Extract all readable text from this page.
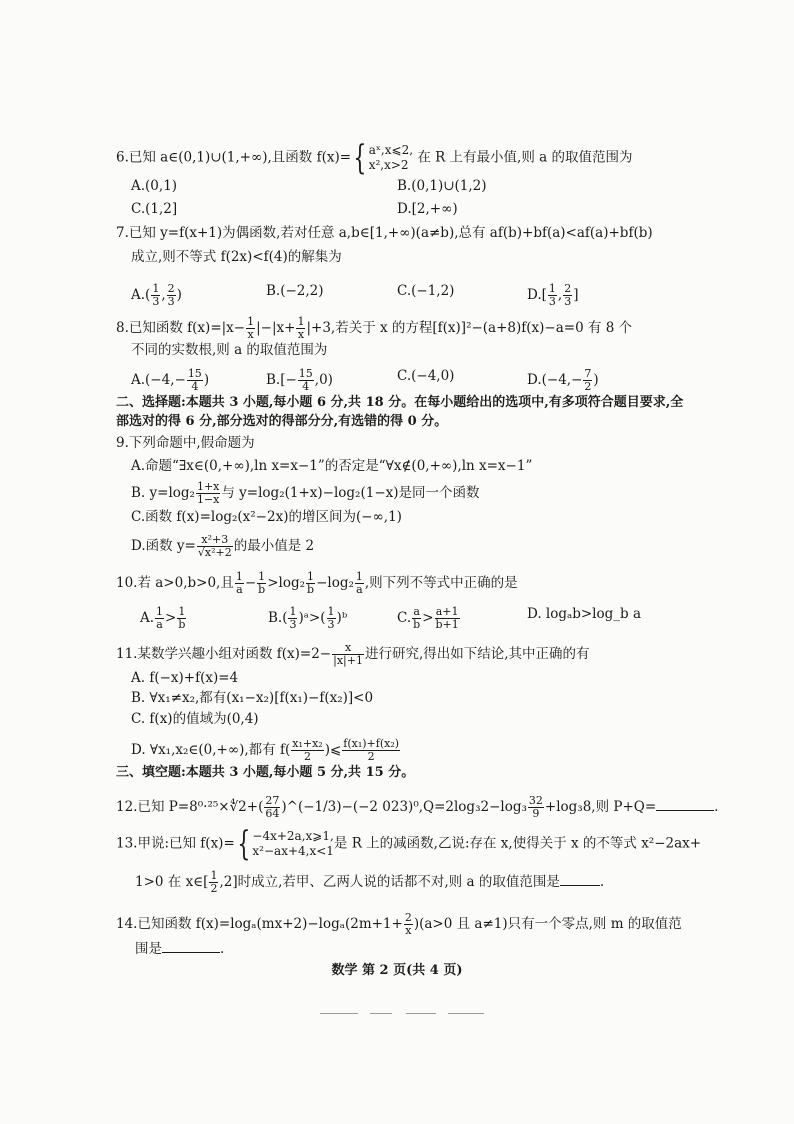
6.已知 a∈(0,1)∪(1,+∞),且函数 f(x)={ aˣ,x⩽2,
x²,x>2 在 R 上有最小值,则 a 的取值范围为
A.(0,1)	B.(0,1)∪(1,2)
C.(1,2]	D.[2,+∞)
7.已知 y=f(x+1)为偶函数,若对任意 a,b∈[1,+∞)(a≠b),总有 af(b)+bf(a)<af(a)+bf(b)
成立,则不等式 f(2x)<f(4)的解集为
$A.( \frac{1}{3}$ , $\frac{2}{3}$ )	B.(−2,2)	C.(−1,2)	$D.[ \frac{1}{3}$ , $\frac{2}{3}$ ]
8.已知函数 $f(x)=|x- \frac{1}{x} |-|x+ \frac{1}{x} |+3$,若关于 x 的方程[f(x)]²−(a+8)f(x)−a=0 有 8 个
不同的实数根,则 a 的取值范围为
$A.(-4,- \frac{15}{4}$ )	$B.[- \frac{15}{4} ,0)$	C.(−4,0)	$D.(-4,- \frac{7}{2}$ )
二、选择题:本题共 3 小题,每小题 6 分,共 18 分。在每小题给出的选项中,有多项符合题目要求,全
部选对的得 6 分,部分选对的得部分分,有选错的得 0 分。
9.下列命题中,假命题为
A.命题“∃x∈(0,+∞),ln x=x−1”的否定是“∀x∉(0,+∞),ln x=x−1”
B. $y=\log_2 \frac{1+x}{1-x}$ 与 y=log₂(1+x)−log₂(1−x)是同一个函数
C.函数 f(x)=log₂(x²−2x)的增区间为(−∞,1)
D.函数 $y= \frac{\text{x²+3}}{\text{√x²+2}}$ 的最小值是 2
10.若 a>0,b>0,且 $\frac{1}{a} - \frac{1}{b} >\log_2 \frac{1}{b} -\log_2 \frac{1}{a}$ ,则下列不等式中正确的是
A. $\frac{1}{a} > \frac{1}{b}$	$B.( \frac{1}{3}$ )ᵃ>( $\frac{1}{3}$ )ᵇ	C. $\frac{a}{b} > \frac{a+1}{b+1}$	D. logₐb>log_b a
11.某数学兴趣小组对函数 $f(x)=2- \frac{x}{|x|+1}$ 进行研究,得出如下结论,其中正确的有
A. f(−x)+f(x)=4
B. ∀x₁≠x₂,都有(x₁−x₂)[f(x₁)−f(x₂)]<0
C. f(x)的值域为(0,4)
D. ∀x₁,x₂∈(0,+∞),都有 $f( \frac{\text{x₁+x₂}}{2}$ )⩽ $\frac{\text{f(x₁)+f(x₂)}}{2}$
三、填空题:本题共 3 小题,每小题 5 分,共 15 分。
12.已知 P=8⁰·²⁵×∜2+( $\frac{27}{64}$ )^(−1/3)−(−2 $023)^0,Q=2\log_32-\log_3 \frac{32}{9} +\log_38$,则 P+Q=	.
13.甲说:已知 f(x)={ −4x+2a,x⩾1,
x²−ax+4,x<1 是 R 上的减函数,乙说:存在 x,使得关于 x 的不等式 x²−2ax+
1>0 在 x∈[ $\frac{1}{2} ,2$]时成立,若甲、乙两人说的话都不对,则 a 的取值范围是	.
14.已知函数 $f(x)=\log_a(mx+2)-\log_a(2m+1+ \frac{2}{x} )(a>0$ 且 a≠1)只有一个零点,则 m 的取值范
围是	.
数学 第 2 页(共 4 页)
